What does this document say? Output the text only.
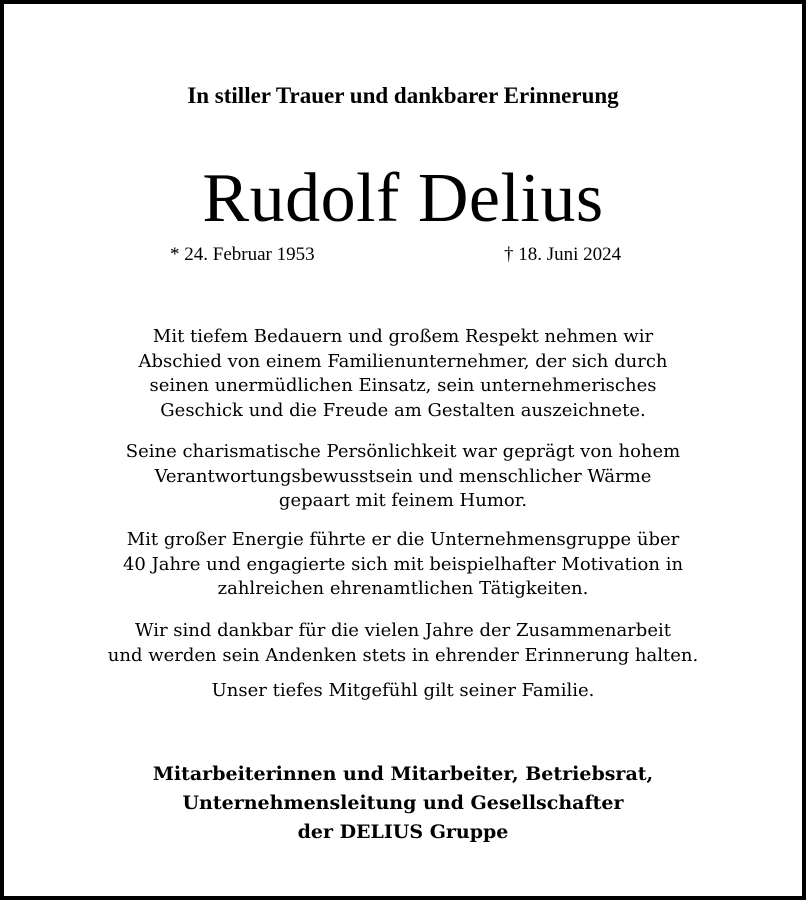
In stiller Trauer und dankbarer Erinnerung
Rudolf Delius
* 24. Februar 1953	† 18. Juni 2024
Mit tiefem Bedauern und großem Respekt nehmen wir
Abschied von einem Familienunternehmer, der sich durch
seinen unermüdlichen Einsatz, sein unternehmerisches
Geschick und die Freude am Gestalten auszeichnete.
Seine charismatische Persönlichkeit war geprägt von hohem
Verantwortungsbewusstsein und menschlicher Wärme
gepaart mit feinem Humor.
Mit großer Energie führte er die Unternehmensgruppe über
40 Jahre und engagierte sich mit beispielhafter Motivation in
zahlreichen ehrenamtlichen Tätigkeiten.
Wir sind dankbar für die vielen Jahre der Zusammenarbeit
und werden sein Andenken stets in ehrender Erinnerung halten.
Unser tiefes Mitgefühl gilt seiner Familie.
Mitarbeiterinnen und Mitarbeiter, Betriebsrat,
Unternehmensleitung und Gesellschafter
der DELIUS Gruppe
